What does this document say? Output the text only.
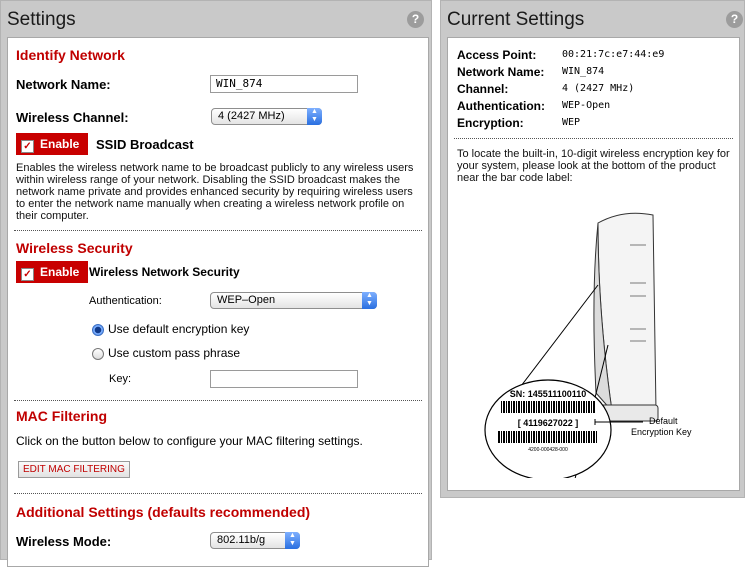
Settings	?
Identify Network
Network Name:	WIN_874
Wireless Channel:	4 (2427 MHz)	▲
▼
✓ Enable	SSID Broadcast
Enables the wireless network name to be broadcast publicly to any wireless users within wireless range of your network. Disabling the SSID broadcast makes the network name private and provides enhanced security by requiring wireless users to enter the network name manually when creating a wireless network profile on their computer.
Wireless Security
✓ Enable Wireless Network Security
Authentication:	WEP–Open	▲
▼
Use default encryption key
Use custom pass phrase
Key:
MAC Filtering
Click on the button below to configure your MAC filtering settings.
EDIT MAC FILTERING
Additional Settings (defaults recommended)
Wireless Mode:	802.11b/g	▲
▼
Current Settings	?
Access Point:	00:21:7c:e7:44:e9
Network Name: WIN_874
Channel:	4 (2427 MHz)
Authentication: WEP-Open
Encryption:	WEP
To locate the built-in, 10-digit wireless encryption key for your system, please look at the bottom of the product near the bar code label:
SN: 145511100110
[ 4119627022 ]
4200-000428-000
Default
Encryption Key
